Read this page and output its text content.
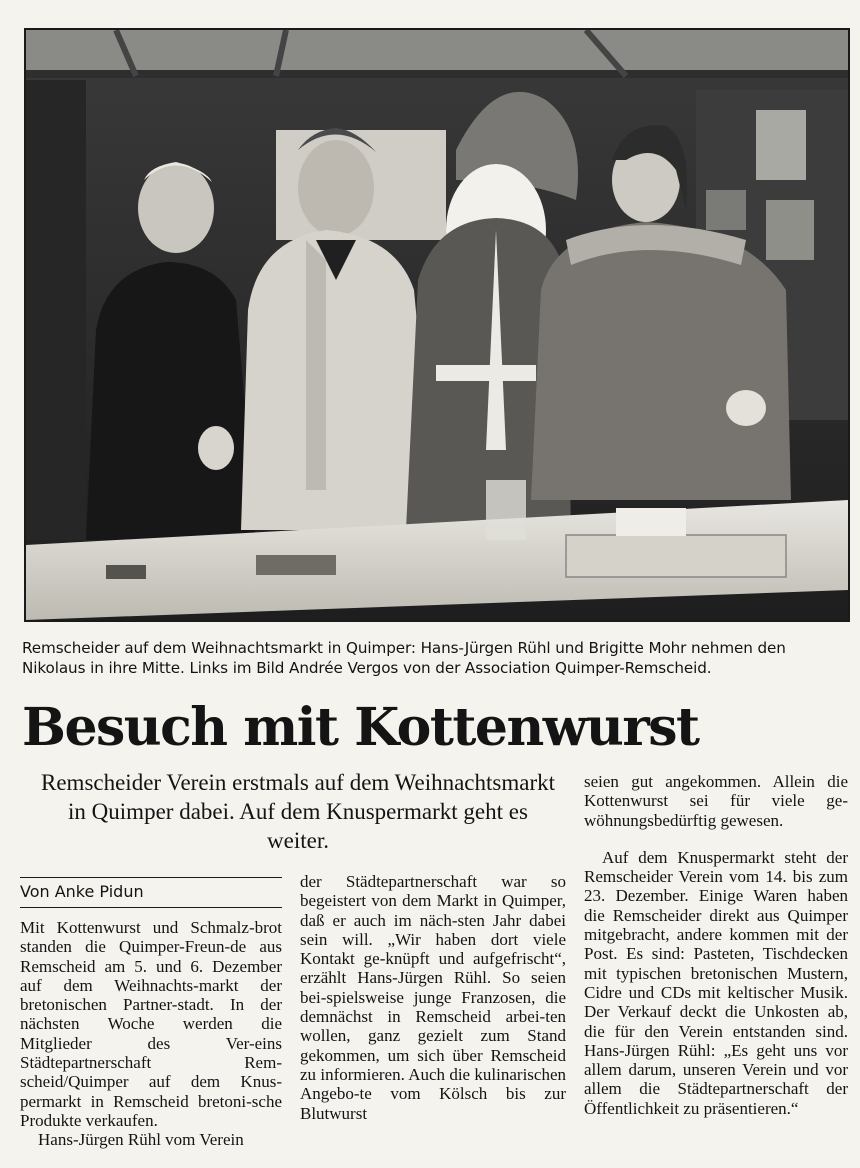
Remscheider auf dem Weihnachtsmarkt in Quimper: Hans-Jürgen Rühl und Brigitte Mohr nehmen den Nikolaus in ihre Mitte. Links im Bild Andrée Vergos von der Association Quimper-Remscheid.
Besuch mit Kottenwurst
Remscheider Verein erstmals auf dem Weihnachtsmarkt in Quimper dabei. Auf dem Knuspermarkt geht es weiter.
Von Anke Pidun

Mit Kottenwurst und Schmalz-brot standen die Quimper-Freun-de aus Remscheid am 5. und 6. Dezember auf dem Weihnachts-markt der bretonischen Partner-stadt. In der nächsten Woche werden die Mitglieder des Ver-eins Städtepartnerschaft Rem-scheid/Quimper auf dem Knus-permarkt in Remscheid bretoni-sche Produkte verkaufen.

Hans-Jürgen Rühl vom Verein

der Städtepartnerschaft war so begeistert von dem Markt in Quimper, daß er auch im näch-sten Jahr dabei sein will. „Wir haben dort viele Kontakt ge-knüpft und aufgefrischt“, erzählt Hans-Jürgen Rühl. So seien bei-spielsweise junge Franzosen, die demnächst in Remscheid arbei-ten wollen, ganz gezielt zum Stand gekommen, um sich über Remscheid zu informieren. Auch die kulinarischen Angebo-te vom Kölsch bis zur Blutwurst

seien gut angekommen. Allein die Kottenwurst sei für viele ge-wöhnungsbedürftig gewesen.

Auf dem Knuspermarkt steht der Remscheider Verein vom 14. bis zum 23. Dezember. Einige Waren haben die Remscheider direkt aus Quimper mitgebracht, andere kommen mit der Post. Es sind: Pasteten, Tischdecken mit typischen bretonischen Mustern, Cidre und CDs mit keltischer Musik. Der Verkauf deckt die Unkosten ab, die für den Verein entstanden sind. Hans-Jürgen Rühl: „Es geht uns vor allem darum, unseren Verein und vor allem die Städtepartnerschaft der Öffentlichkeit zu präsentieren.“
